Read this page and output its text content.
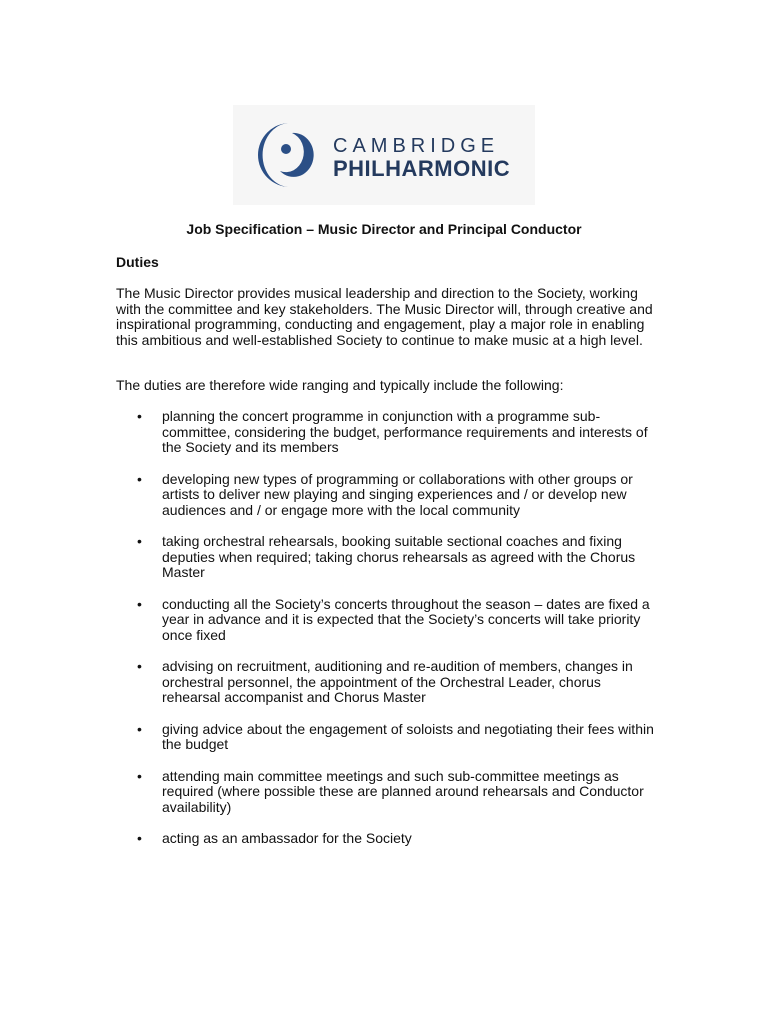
CAMBRIDGE
PHILHARMONIC
Job Specification – Music Director and Principal Conductor
Duties

The Music Director provides musical leadership and direction to the Society, working with the committee and key stakeholders. The Music Director will, through creative and inspirational programming, conducting and engagement, play a major role in enabling this ambitious and well-established Society to continue to make music at a high level.

The duties are therefore wide ranging and typically include the following:

• planning the concert programme in conjunction with a programme sub-committee, considering the budget, performance requirements and interests of the Society and its members
• developing new types of programming or collaborations with other groups or artists to deliver new playing and singing experiences and / or develop new audiences and / or engage more with the local community
• taking orchestral rehearsals, booking suitable sectional coaches and fixing deputies when required; taking chorus rehearsals as agreed with the Chorus Master
• conducting all the Society’s concerts throughout the season – dates are fixed a year in advance and it is expected that the Society’s concerts will take priority once fixed
• advising on recruitment, auditioning and re-audition of members, changes in orchestral personnel, the appointment of the Orchestral Leader, chorus rehearsal accompanist and Chorus Master
• giving advice about the engagement of soloists and negotiating their fees within the budget
• attending main committee meetings and such sub-committee meetings as required (where possible these are planned around rehearsals and Conductor availability)
• acting as an ambassador for the Society
